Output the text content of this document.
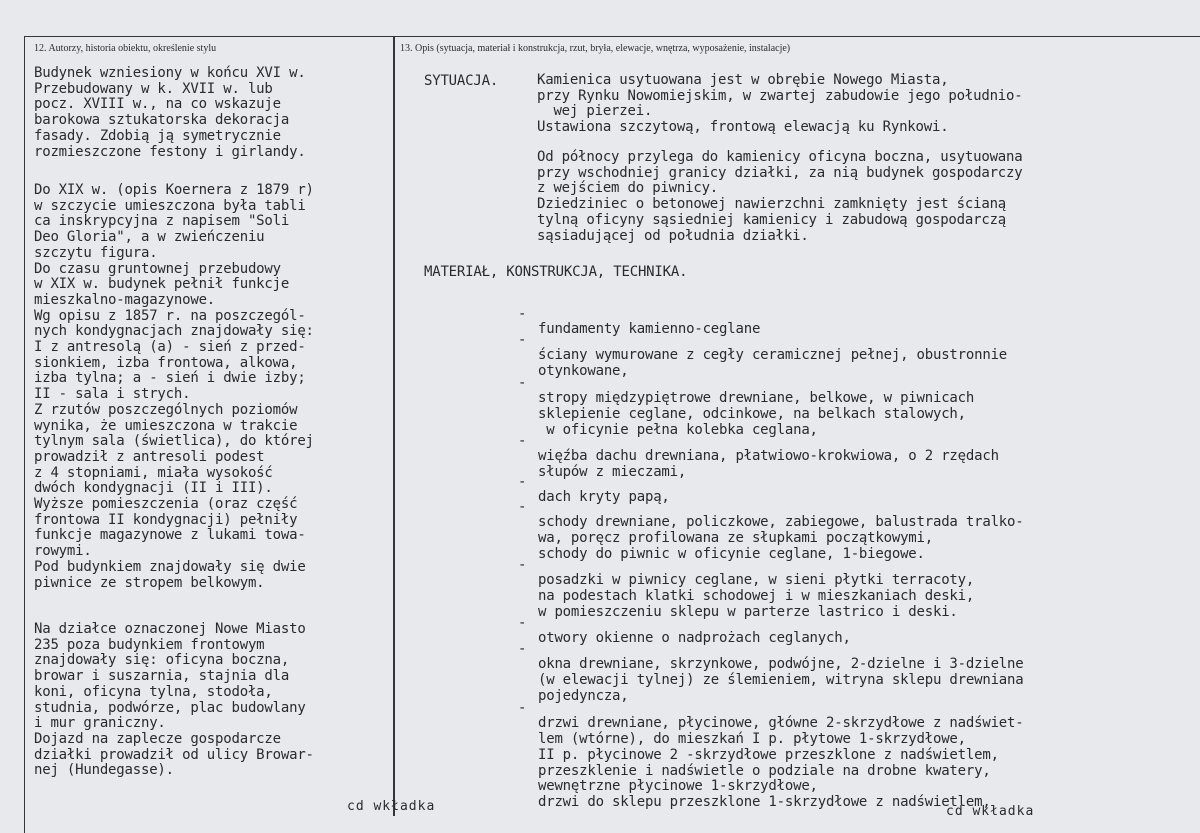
12. Autorzy, historia obiektu, określenie stylu	13. Opis (sytuacja, materiał i konstrukcja, rzut, bryła, elewacje, wnętrza, wyposażenie, instalacje)

Budynek wzniesiony w końcu XVI w.
Przebudowany w k. XVII w. lub
pocz. XVIII w., na co wskazuje
barokowa sztukatorska dekoracja
fasady. Zdobią ją symetrycznie
rozmieszczone festony i girlandy.

Do XIX w. (opis Koernera z 1879 r)
w szczycie umieszczona była tabli
ca inskrypcyjna z napisem "Soli
Deo Gloria", a w zwieńczeniu
szczytu figura.
Do czasu gruntownej przebudowy
w XIX w. budynek pełnił funkcje
mieszkalno-magazynowe.
Wg opisu z 1857 r. na poszczegól-
nych kondygnacjach znajdowały się:
I z antresolą (a) - sień z przed-
sionkiem, izba frontowa, alkowa,
izba tylna; a - sień i dwie izby;
II - sala i strych.
Z rzutów poszczególnych poziomów
wynika, że umieszczona w trakcie
tylnym sala (świetlica), do której
prowadził z antresoli podest
z 4 stopniami, miała wysokość
dwóch kondygnacji (II i III).
Wyższe pomieszczenia (oraz część
frontowa II kondygnacji) pełniły
funkcje magazynowe z lukami towa-
rowymi.
Pod budynkiem znajdowały się dwie
piwnice ze stropem belkowym.

Na działce oznaczonej Nowe Miasto
235 poza budynkiem frontowym
znajdowały się: oficyna boczna,
browar i suszarnia, stajnia dla
koni, oficyna tylna, stodoła,
studnia, podwórze, plac budowlany
i mur graniczny.
Dojazd na zaplecze gospodarcze
działki prowadził od ulicy Browar-
nej (Hundegasse).

cd wkładka
SYTUACJA.

	Kamienica usytuowana jest w obrębie Nowego Miasta,
przy Rynku Nowomiejskim, w zwartej zabudowie jego południo-
wej pierzei.
Ustawiona szczytową, frontową elewacją ku Rynkowi.

Od północy przylega do kamienicy oficyna boczna, usytuowana
przy wschodniej granicy działki, za nią budynek gospodarczy
z wejściem do piwnicy.
Dziedziniec o betonowej nawierzchni zamknięty jest ścianą
tylną oficyny sąsiedniej kamienicy i zabudową gospodarczą
sąsiadującej od południa działki.

MATERIAŁ, KONSTRUKCJA, TECHNIKA.

-

fundamenty kamienno-ceglane

-

ściany wymurowane z cegły ceramicznej pełnej, obustronnie
otynkowane,

-

stropy międzypiętrowe drewniane, belkowe, w piwnicach
sklepienie ceglane, odcinkowe, na belkach stalowych,
w oficynie pełna kolebka ceglana,

-

więźba dachu drewniana, płatwiowo-krokwiowa, o 2 rzędach
słupów z mieczami,

-

dach kryty papą,

-

schody drewniane, policzkowe, zabiegowe, balustrada tralko-
wa, poręcz profilowana ze słupkami początkowymi,
schody do piwnic w oficynie ceglane, 1-biegowe.

-

posadzki w piwnicy ceglane, w sieni płytki terracoty,
na podestach klatki schodowej i w mieszkaniach deski,
w pomieszczeniu sklepu w parterze lastrico i deski.

-

otwory okienne o nadprożach ceglanych,

-

okna drewniane, skrzynkowe, podwójne, 2-dzielne i 3-dzielne
(w elewacji tylnej) ze ślemieniem, witryna sklepu drewniana
pojedyncza,

-

drzwi drewniane, płycinowe, główne 2-skrzydłowe z nadświet-
lem (wtórne), do mieszkań I p. płytowe 1-skrzydłowe,
II p. płycinowe 2 -skrzydłowe przeszklone z nadświetlem,
przeszklenie i nadświetle o podziale na drobne kwatery,
wewnętrzne płycinowe 1-skrzydłowe,
drzwi do sklepu przeszklone 1-skrzydłowe z nadświetlem,

cd wkładka
